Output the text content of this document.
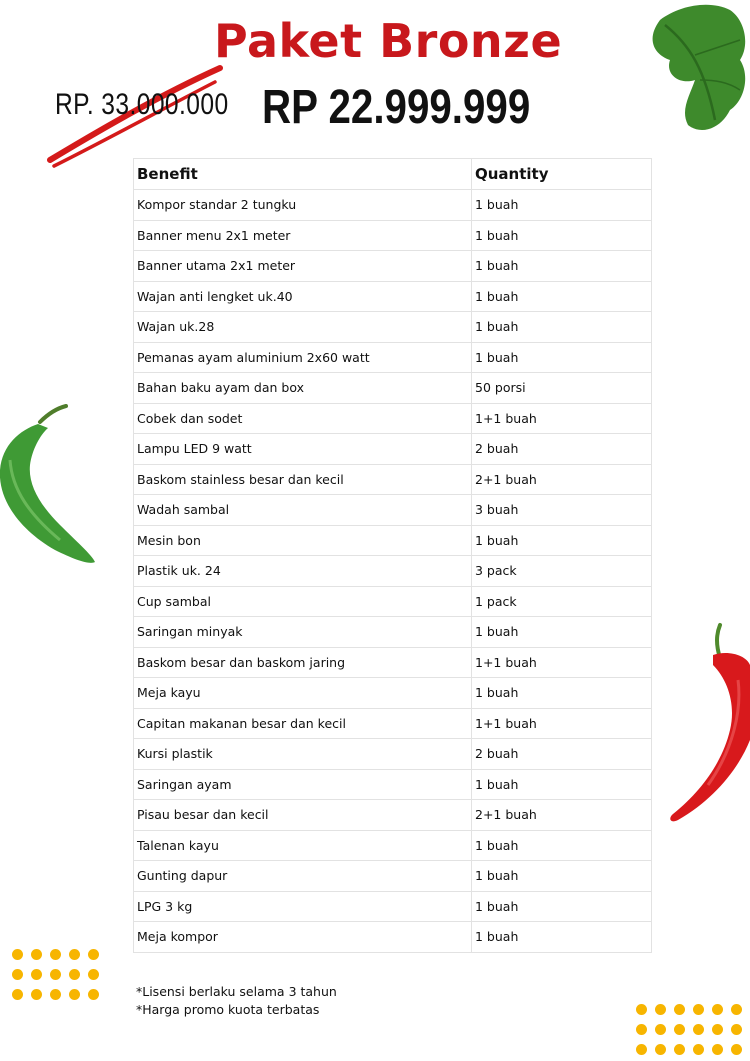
Paket Bronze
RP. 33.000.000 RP 22.999.999
Benefit	Quantity
Kompor standar 2 tungku	1 buah
Banner menu 2x1 meter	1 buah
Banner utama 2x1 meter	1 buah
Wajan anti lengket uk.40	1 buah
Wajan uk.28	1 buah
Pemanas ayam aluminium 2x60 watt	1 buah
Bahan baku ayam dan box	50 porsi
Cobek dan sodet	1+1 buah
Lampu LED 9 watt	2 buah
Baskom stainless besar dan kecil	2+1 buah
Wadah sambal	3 buah
Mesin bon	1 buah
Plastik uk. 24	3 pack
Cup sambal	1 pack
Saringan minyak	1 buah
Baskom besar dan baskom jaring	1+1 buah
Meja kayu	1 buah
Capitan makanan besar dan kecil	1+1 buah
Kursi plastik	2 buah
Saringan ayam	1 buah
Pisau besar dan kecil	2+1 buah
Talenan kayu	1 buah
Gunting dapur	1 buah
LPG 3 kg	1 buah
Meja kompor	1 buah
*Lisensi berlaku selama 3 tahun
*Harga promo kuota terbatas
